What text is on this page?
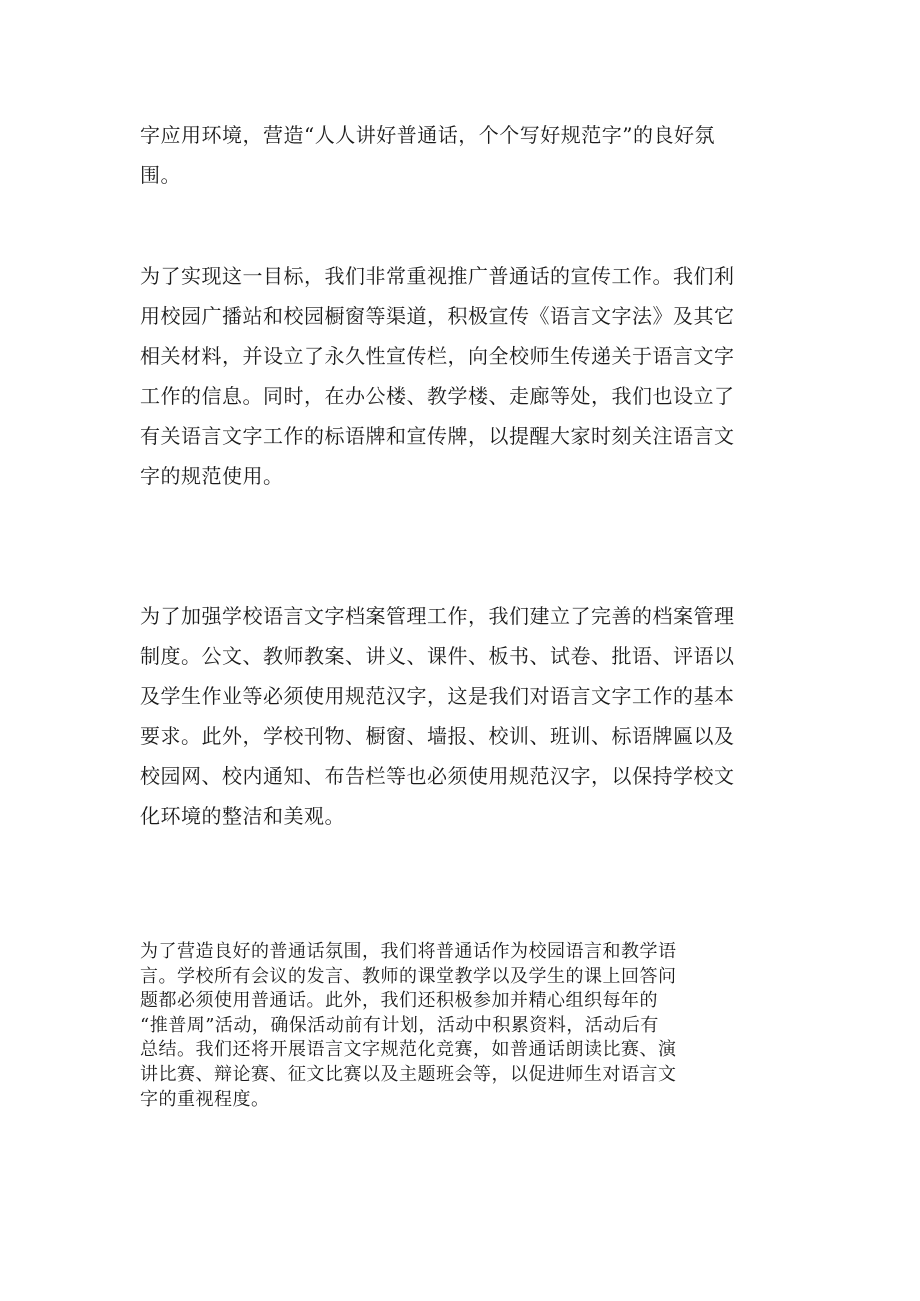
字应用环境，营造“人人讲好普通话，个个写好规范字”的良好氛
围。

为了实现这一目标，我们非常重视推广普通话的宣传工作。我们利
用校园广播站和校园橱窗等渠道，积极宣传《语言文字法》及其它
相关材料，并设立了永久性宣传栏，向全校师生传递关于语言文字
工作的信息。同时，在办公楼、教学楼、走廊等处，我们也设立了
有关语言文字工作的标语牌和宣传牌，以提醒大家时刻关注语言文
字的规范使用。

为了加强学校语言文字档案管理工作，我们建立了完善的档案管理
制度。公文、教师教案、讲义、课件、板书、试卷、批语、评语以
及学生作业等必须使用规范汉字，这是我们对语言文字工作的基本
要求。此外，学校刊物、橱窗、墙报、校训、班训、标语牌匾以及
校园网、校内通知、布告栏等也必须使用规范汉字，以保持学校文
化环境的整洁和美观。

为了营造良好的普通话氛围，我们将普通话作为校园语言和教学语
言。学校所有会议的发言、教师的课堂教学以及学生的课上回答问
题都必须使用普通话。此外，我们还积极参加并精心组织每年的
“推普周”活动，确保活动前有计划，活动中积累资料，活动后有
总结。我们还将开展语言文字规范化竞赛，如普通话朗读比赛、演
讲比赛、辩论赛、征文比赛以及主题班会等，以促进师生对语言文
字的重视程度。
